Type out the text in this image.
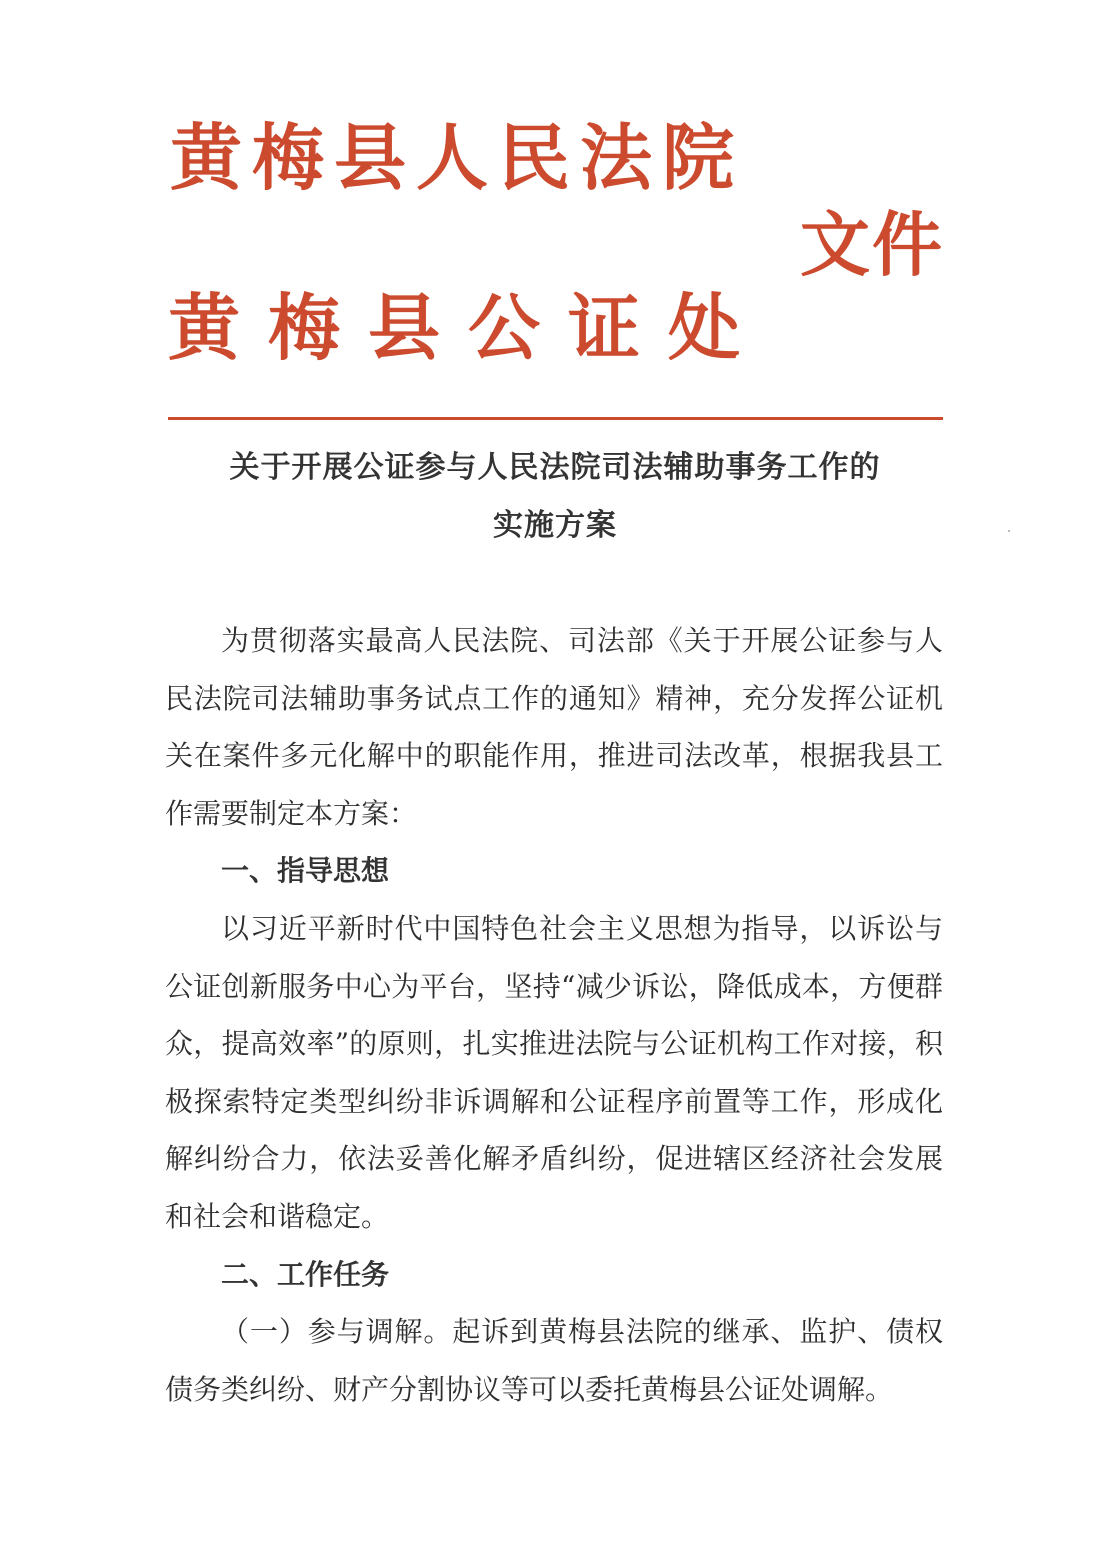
黄梅县人民法院
黄梅县公证处
文件
关于开展公证参与人民法院司法辅助事务工作的
实施方案

为贯彻落实最高人民法院、司法部《关于开展公证参与人民法院司法辅助事务试点工作的通知》精神，充分发挥公证机关在案件多元化解中的职能作用，推进司法改革，根据我县工作需要制定本方案：

一、指导思想

以习近平新时代中国特色社会主义思想为指导，以诉讼与公证创新服务中心为平台，坚持“减少诉讼，降低成本，方便群众，提高效率”的原则，扎实推进法院与公证机构工作对接，积极探索特定类型纠纷非诉调解和公证程序前置等工作，形成化解纠纷合力，依法妥善化解矛盾纠纷，促进辖区经济社会发展和社会和谐稳定。

二、工作任务

（一）参与调解。起诉到黄梅县法院的继承、监护、债权债务类纠纷、财产分割协议等可以委托黄梅县公证处调解。
